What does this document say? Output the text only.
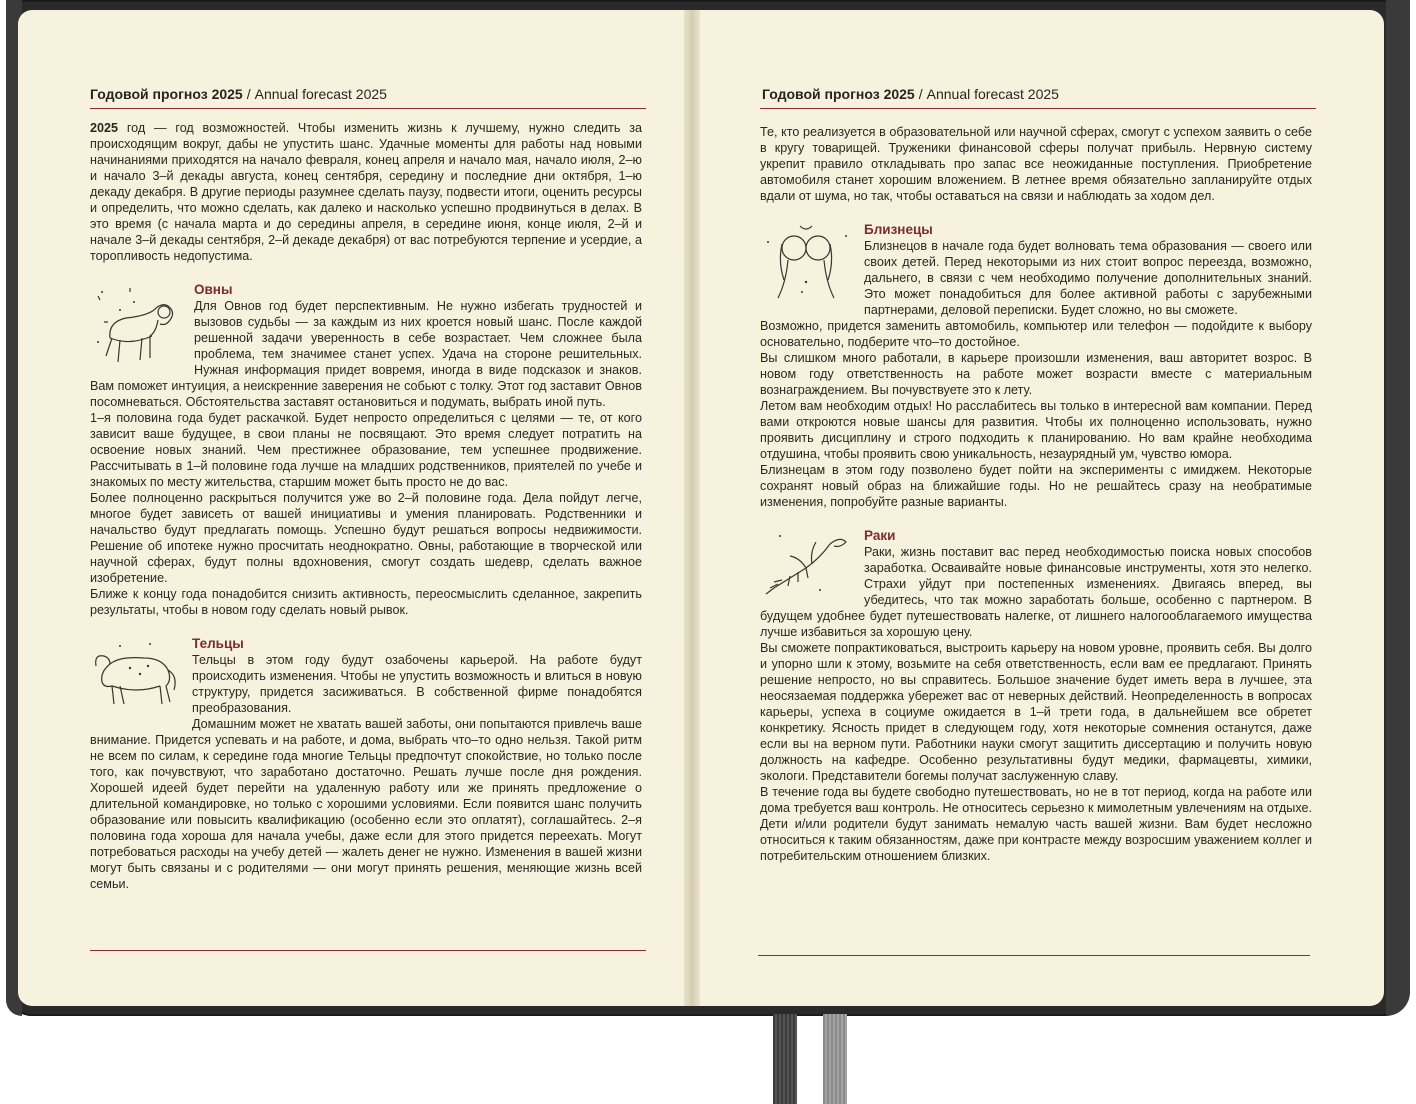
Годовой прогноз 2025 / Annual forecast 2025

2025 год — год возможностей. Чтобы изменить жизнь к лучшему, нужно следить за происходящим вокруг, дабы не упустить шанс. Удачные моменты для работы над новыми начинаниями приходятся на начало февраля, конец апреля и начало мая, начало июля, 2–ю и начало 3–й декады августа, конец сентября, середину и последние дни октября, 1–ю декаду декабря. В другие периоды разумнее сделать паузу, подвести итоги, оценить ресурсы и определить, что можно сделать, как далеко и насколько успешно продвинуться в делах. В это время (с начала марта и до середины апреля, в середине июня, конце июля, 2–й и начале 3–й декады сентября, 2–й декаде декабря) от вас потребуются терпение и усердие, а торопливость недопустима.

Овны

Для Овнов год будет перспективным. Не нужно избегать трудностей и вызовов судьбы — за каждым из них кроется новый шанс. После каждой решенной задачи уверенность в себе возрастает. Чем сложнее была проблема, тем значимее станет успех. Удача на стороне решительных. Нужная информация придет вовремя, иногда в виде подсказок и знаков. Вам поможет интуиция, а неискренние заверения не собьют с толку. Этот год заставит Овнов посомневаться. Обстоятельства заставят остановиться и подумать, выбрать иной путь.

1–я половина года будет раскачкой. Будет непросто определиться с целями — те, от кого зависит ваше будущее, в свои планы не посвящают. Это время следует потратить на освоение новых знаний. Чем престижнее образование, тем успешнее продвижение. Рассчитывать в 1–й половине года лучше на младших родственников, приятелей по учебе и знакомых по месту жительства, старшим может быть просто не до вас.

Более полноценно раскрыться получится уже во 2–й половине года. Дела пойдут легче, многое будет зависеть от вашей инициативы и умения планировать. Родственники и начальство будут предлагать помощь. Успешно будут решаться вопросы недвижимости. Решение об ипотеке нужно просчитать неоднократно. Овны, работающие в творческой или научной сферах, будут полны вдохновения, смогут создать шедевр, сделать важное изобретение.

Ближе к концу года понадобится снизить активность, переосмыслить сделанное, закрепить результаты, чтобы в новом году сделать новый рывок.

Тельцы

Тельцы в этом году будут озабочены карьерой. На работе будут происходить изменения. Чтобы не упустить возможность и влиться в новую структуру, придется засиживаться. В собственной фирме понадобятся преобразования.

Домашним может не хватать вашей заботы, они попытаются привлечь ваше внимание. Придется успевать и на работе, и дома, выбрать что–то одно нельзя. Такой ритм не всем по силам, к середине года многие Тельцы предпочтут спокойствие, но только после того, как почувствуют, что заработано достаточно. Решать лучше после дня рождения. Хорошей идеей будет перейти на удаленную работу или же принять предложение о длительной командировке, но только с хорошими условиями. Если появится шанс получить образование или повысить квалификацию (особенно если это оплатят), соглашайтесь. 2–я половина года хороша для начала учебы, даже если для этого придется переехать. Могут потребоваться расходы на учебу детей — жалеть денег не нужно. Изменения в вашей жизни могут быть связаны и с родителями — они могут принять решения, меняющие жизнь всей семьи.

Годовой прогноз 2025 / Annual forecast 2025

Те, кто реализуется в образовательной или научной сферах, смогут с успехом заявить о себе в кругу товарищей. Труженики финансовой сферы получат прибыль. Нервную систему укрепит правило откладывать про запас все неожиданные поступления. Приобретение автомобиля станет хорошим вложением. В летнее время обязательно запланируйте отдых вдали от шума, но так, чтобы оставаться на связи и наблюдать за ходом дел.

Близнецы

Близнецов в начале года будет волновать тема образования — своего или своих детей. Перед некоторыми из них стоит вопрос переезда, возможно, дальнего, в связи с чем необходимо получение дополнительных знаний. Это может понадобиться для более активной работы с зарубежными партнерами, деловой переписки. Будет сложно, но вы сможете.

Возможно, придется заменить автомобиль, компьютер или телефон — подойдите к выбору основательно, подберите что–то достойное.

Вы слишком много работали, в карьере произошли изменения, ваш авторитет возрос. В новом году ответственность на работе может возрасти вместе с материальным вознаграждением. Вы почувствуете это к лету.

Летом вам необходим отдых! Но расслабитесь вы только в интересной вам компании. Перед вами откроются новые шансы для развития. Чтобы их полноценно использовать, нужно проявить дисциплину и строго подходить к планированию. Но вам крайне необходима отдушина, чтобы проявить свою уникальность, незаурядный ум, чувство юмора.

Близнецам в этом году позволено будет пойти на эксперименты с имиджем. Некоторые сохранят новый образ на ближайшие годы. Но не решайтесь сразу на необратимые изменения, попробуйте разные варианты.

Раки

Раки, жизнь поставит вас перед необходимостью поиска новых способов заработка. Осваивайте новые финансовые инструменты, хотя это нелегко. Страхи уйдут при постепенных изменениях. Двигаясь вперед, вы убедитесь, что так можно заработать больше, особенно с партнером. В будущем удобнее будет путешествовать налегке, от лишнего налогооблагаемого имущества лучше избавиться за хорошую цену.

Вы сможете попрактиковаться, выстроить карьеру на новом уровне, проявить себя. Вы долго и упорно шли к этому, возьмите на себя ответственность, если вам ее предлагают. Принять решение непросто, но вы справитесь. Большое значение будет иметь вера в лучшее, эта неосязаемая поддержка убережет вас от неверных действий. Неопределенность в вопросах карьеры, успеха в социуме ожидается в 1–й трети года, в дальнейшем все обретет конкретику. Ясность придет в следующем году, хотя некоторые сомнения останутся, даже если вы на верном пути. Работники науки смогут защитить диссертацию и получить новую должность на кафедре. Особенно результативны будут медики, фармацевты, химики, экологи. Представители богемы получат заслуженную славу.

В течение года вы будете свободно путешествовать, но не в тот период, когда на работе или дома требуется ваш контроль. Не относитесь серьезно к мимолетным увлечениям на отдыхе. Дети и/или родители будут занимать немалую часть вашей жизни. Вам будет несложно относиться к таким обязанностям, даже при контрасте между возросшим уважением коллег и потребительским отношением близких.
